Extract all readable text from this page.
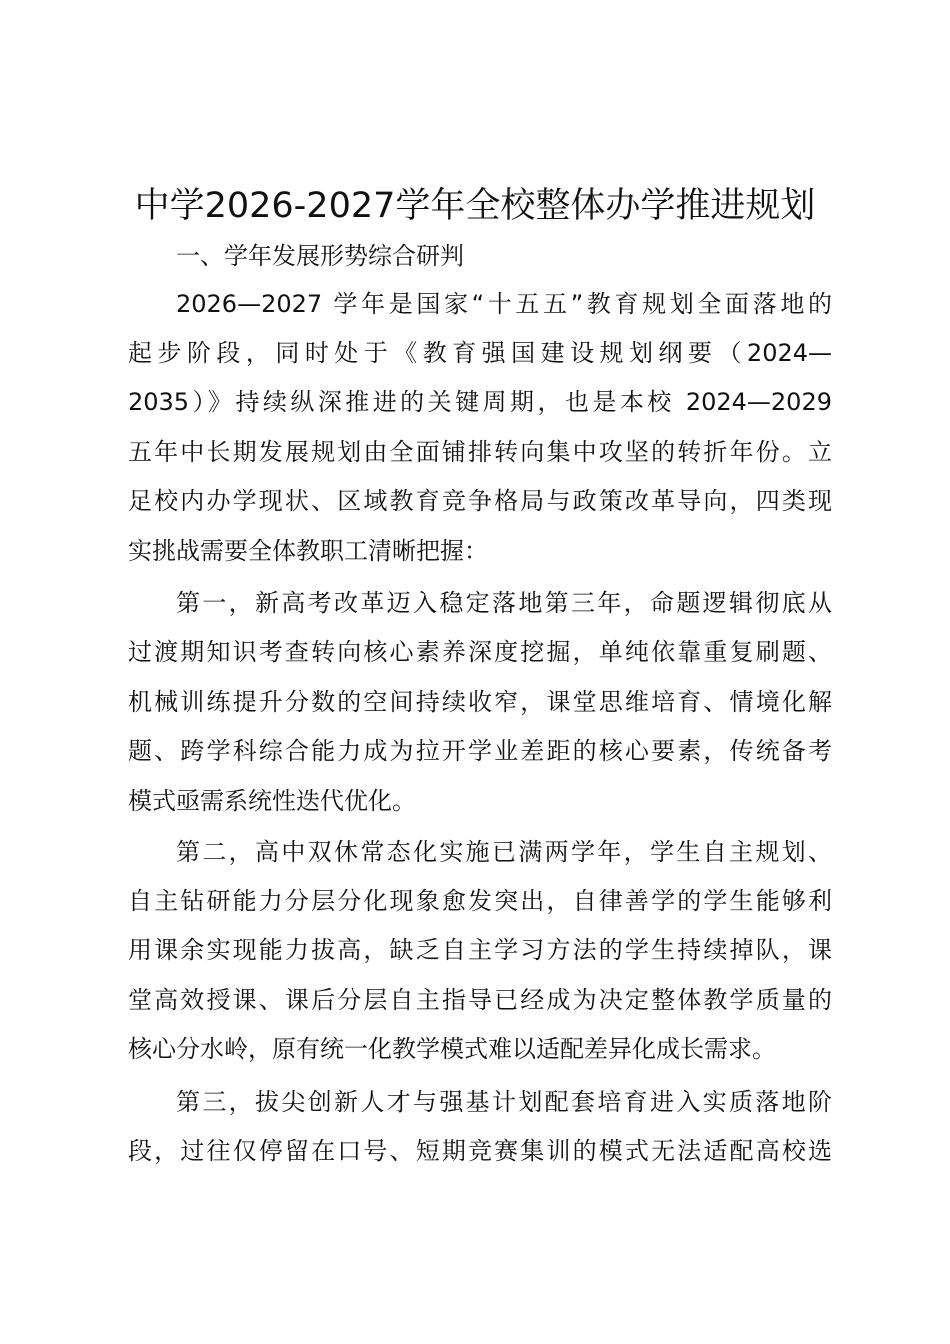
中学2026-2027学年全校整体办学推进规划
一、学年发展形势综合研判
2026—2027 学年是国家“十五五”教育规划全面落地的
起步阶段，同时处于《教育强国建设规划纲要（2024—
2035）》持续纵深推进的关键周期，也是本校 2024—2029
五年中长期发展规划由全面铺排转向集中攻坚的转折年份。立
足校内办学现状、区域教育竞争格局与政策改革导向，四类现
实挑战需要全体教职工清晰把握：
第一，新高考改革迈入稳定落地第三年，命题逻辑彻底从
过渡期知识考查转向核心素养深度挖掘，单纯依靠重复刷题、
机械训练提升分数的空间持续收窄，课堂思维培育、情境化解
题、跨学科综合能力成为拉开学业差距的核心要素，传统备考
模式亟需系统性迭代优化。
第二，高中双休常态化实施已满两学年，学生自主规划、
自主钻研能力分层分化现象愈发突出，自律善学的学生能够利
用课余实现能力拔高，缺乏自主学习方法的学生持续掉队，课
堂高效授课、课后分层自主指导已经成为决定整体教学质量的
核心分水岭，原有统一化教学模式难以适配差异化成长需求。
第三，拔尖创新人才与强基计划配套培育进入实质落地阶
段，过往仅停留在口号、短期竞赛集训的模式无法适配高校选
